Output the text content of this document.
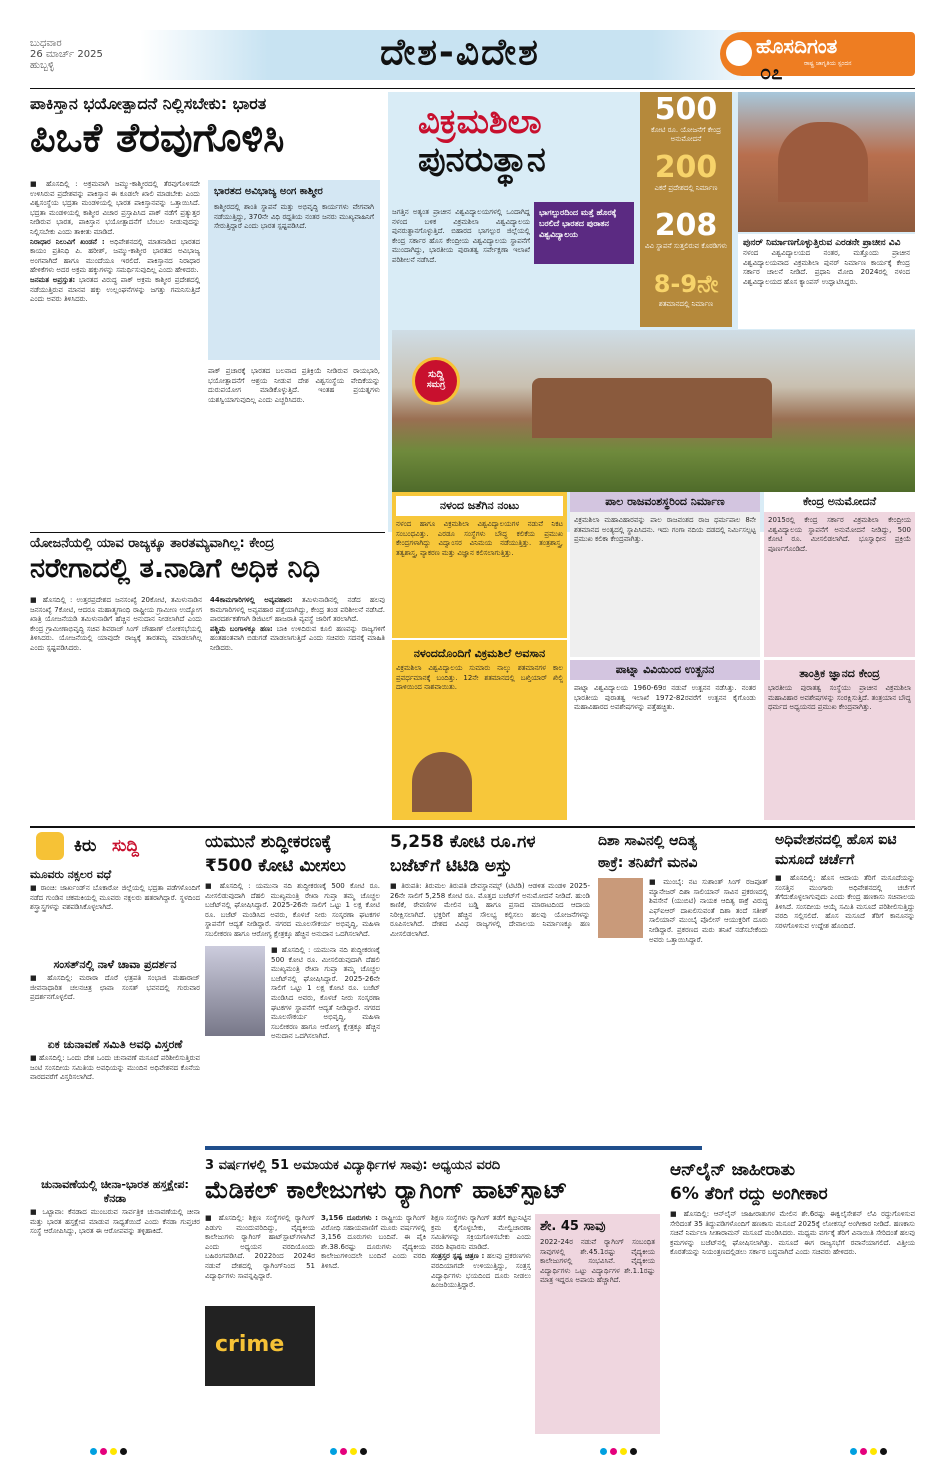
ಬುಧವಾರ
26 ಮಾರ್ಚ್ 2025
ಹುಬ್ಬಳ್ಳಿ	ದೇಶ-ವಿದೇಶ	ಹೊಸದಿಗಂತ
ರಾಷ್ಟ್ರ ಜಾಗೃತಿಯ ಸ್ಪಂದನ
೦೭
ಪಾಕಿಸ್ತಾನ ಭಯೋತ್ಪಾದನೆ ನಿಲ್ಲಿಸಬೇಕು: ಭಾರತ
ಪಿಒಕೆ ತೆರವುಗೊಳಿಸಿ
■ ಹೊಸದಿಲ್ಲಿ : ಅಕ್ರಮವಾಗಿ ಜಮ್ಮು-ಕಾಶ್ಮೀರದಲ್ಲಿ ತೆರವುಗೊಳಿಸದೇ ಉಳಿಸಿರುವ ಪ್ರದೇಶವನ್ನು ಪಾಕಿಸ್ತಾನ ಈ ಕೂಡಲೇ ಖಾಲಿ ಮಾಡಬೇಕು ಎಂದು ವಿಶ್ವಸಂಸ್ಥೆಯ ಭದ್ರತಾ ಮಂಡಳಿಯಲ್ಲಿ ಭಾರತ ಪಾಕಿಸ್ತಾನವನ್ನು ಒತ್ತಾಯಿಸಿದೆ. ಭದ್ರತಾ ಮಂಡಳಿಯಲ್ಲಿ ಕಾಶ್ಮೀರ ವಿಚಾರ ಪ್ರಸ್ತಾಪಿಸಿದ ಪಾಕ್ ನಡೆಗೆ ಪ್ರತ್ಯುತ್ತರ ನೀಡಿರುವ ಭಾರತ, ಪಾಕಿಸ್ತಾನ ಭಯೋತ್ಪಾದನೆಗೆ ಬೆಂಬಲ ನೀಡುವುದನ್ನು ನಿಲ್ಲಿಸಬೇಕು ಎಂದು ತಾಕೀತು ಮಾಡಿದೆ.
ನಿರಾಧಾರ ನಿಲುವಿಗೆ ಖಂಡನೆ : ಅಧಿವೇಶನದಲ್ಲಿ ಮಾತನಾಡಿದ ಭಾರತದ ಕಾಯಂ ಪ್ರತಿನಿಧಿ ಪಿ. ಹರೀಶ್, ಜಮ್ಮು-ಕಾಶ್ಮೀರ ಭಾರತದ ಅವಿಭಾಜ್ಯ ಅಂಗವಾಗಿದೆ ಹಾಗೂ ಮುಂದೆಯೂ ಇರಲಿದೆ. ಪಾಕಿಸ್ತಾನದ ನಿರಾಧಾರ ಹೇಳಿಕೆಗಳು ಅದರ ಅಕ್ರಮ ಹಕ್ಕುಗಳನ್ನು ಸಮರ್ಥಿಸುವುದಿಲ್ಲ ಎಂದು ಹೇಳಿದರು.
ಜನಮತ ಅಪ್ರಸ್ತುತ: ಭಾರತದ ವಿರುದ್ಧ ಪಾಕ್ ಅಕ್ರಮ ಕಾಶ್ಮೀರ ಪ್ರದೇಶದಲ್ಲಿ ನಡೆಯುತ್ತಿರುವ ಮಾನವ ಹಕ್ಕು ಉಲ್ಲಂಘನೆಗಳನ್ನು ಜಗತ್ತು ಗಮನಿಸುತ್ತಿದೆ ಎಂದು ಅವರು ತಿಳಿಸಿದರು.
ಭಾರತದ ಅವಿಭಾಜ್ಯ ಅಂಗ ಕಾಶ್ಮೀರ
ಕಾಶ್ಮೀರದಲ್ಲಿ ಶಾಂತಿ ಸ್ಥಾಪನೆ ಮತ್ತು ಅಭಿವೃದ್ಧಿ ಕಾರ್ಯಗಳು ವೇಗವಾಗಿ ನಡೆಯುತ್ತಿದ್ದು, 370ನೇ ವಿಧಿ ರದ್ದತಿಯ ನಂತರ ಜನರು ಮುಖ್ಯವಾಹಿನಿಗೆ ಸೇರುತ್ತಿದ್ದಾರೆ ಎಂದು ಭಾರತ ಸ್ಪಷ್ಟಪಡಿಸಿದೆ.
ಪಾಕ್ ಪ್ರಚಾರಕ್ಕೆ ಭಾರತದ ಬಲವಾದ ಪ್ರತಿಕ್ರಿಯೆ ನೀಡಿರುವ ರಾಯಭಾರಿ, ಭಯೋತ್ಪಾದನೆಗೆ ಆಶ್ರಯ ನೀಡುವ ದೇಶ ವಿಶ್ವಸಂಸ್ಥೆಯ ವೇದಿಕೆಯನ್ನು ದುರುಪಯೋಗ ಮಾಡಿಕೊಳ್ಳುತ್ತಿದೆ. ಇಂತಹ ಪ್ರಯತ್ನಗಳು ಯಶಸ್ವಿಯಾಗುವುದಿಲ್ಲ ಎಂದು ಎಚ್ಚರಿಸಿದರು.
ವಿಕ್ರಮಶಿಲಾ
ಪುನರುತ್ಥಾನ
ಭಾಗಲ್ಪುರದಿಂದ ಮತ್ತೆ ಹೊರಕ್ಕೆ ಬರಲಿದೆ ಭಾರತದ ಪುರಾತನ ವಿಶ್ವವಿದ್ಯಾಲಯ
ಜಗತ್ತಿನ ಅತ್ಯಂತ ಪ್ರಾಚೀನ ವಿಶ್ವವಿದ್ಯಾಲಯಗಳಲ್ಲಿ ಒಂದಾಗಿದ್ದ ನಳಂದ ಬಳಿಕ ವಿಕ್ರಮಶಿಲಾ ವಿಶ್ವವಿದ್ಯಾಲಯ ಪುನರುತ್ಥಾನಗೊಳ್ಳುತ್ತಿದೆ. ಬಿಹಾರದ ಭಾಗಲ್ಪುರ ಜಿಲ್ಲೆಯಲ್ಲಿ ಕೇಂದ್ರ ಸರ್ಕಾರ ಹೊಸ ಕೇಂದ್ರೀಯ ವಿಶ್ವವಿದ್ಯಾಲಯ ಸ್ಥಾಪನೆಗೆ ಮುಂದಾಗಿದ್ದು, ಭಾರತೀಯ ಪುರಾತತ್ವ ಸರ್ವೇಕ್ಷಣಾ ಇಲಾಖೆ ಪರಿಶೀಲನೆ ನಡೆಸಿದೆ.
500
ಕೋಟಿ ರೂ. ಯೋಜನೆಗೆ ಕೇಂದ್ರ ಅನುಮೋದನೆ
200
ಎಕರೆ ಪ್ರದೇಶದಲ್ಲಿ ನಿರ್ಮಾಣ
208
ವಿವಿ ಸ್ಥಾಪನೆ ಸುತ್ತಲಿರುವ ಕೊಠಡಿಗಳು
8-9ನೇ
ಶತಮಾನದಲ್ಲಿ ನಿರ್ಮಾಣ
ಪುನರ್ ನಿರ್ಮಾಣಗೊಳ್ಳುತ್ತಿರುವ ಎರಡನೇ ಪ್ರಾಚೀನ ವಿವಿ
ನಳಂದ ವಿಶ್ವವಿದ್ಯಾಲಯದ ನಂತರ, ಮತ್ತೊಂದು ಪ್ರಾಚೀನ ವಿಶ್ವವಿದ್ಯಾಲಯವಾದ ವಿಕ್ರಮಶಿಲಾ ಪುನರ್ ನಿರ್ಮಾಣ ಕಾರ್ಯಕ್ಕೆ ಕೇಂದ್ರ ಸರ್ಕಾರ ಚಾಲನೆ ನೀಡಿದೆ. ಪ್ರಧಾನಿ ಮೋದಿ 2024ರಲ್ಲಿ ನಳಂದ ವಿಶ್ವವಿದ್ಯಾಲಯದ ಹೊಸ ಕ್ಯಾಂಪಸ್ ಉದ್ಘಾಟಿಸಿದ್ದರು.
ಸುದ್ದಿ
ಸಮಗ್ರ
ನಳಂದ ಜತೆಗಿನ ನಂಟು
ನಳಂದ ಹಾಗೂ ವಿಕ್ರಮಶಿಲಾ ವಿಶ್ವವಿದ್ಯಾಲಯಗಳ ನಡುವೆ ನಿಕಟ ಸಂಬಂಧವಿತ್ತು. ಎರಡೂ ಸಂಸ್ಥೆಗಳು ಬೌದ್ಧ ಕಲಿಕೆಯ ಪ್ರಮುಖ ಕೇಂದ್ರಗಳಾಗಿದ್ದು ವಿದ್ವಾಂಸರ ವಿನಿಮಯ ನಡೆಯುತ್ತಿತ್ತು. ತಂತ್ರಶಾಸ್ತ್ರ, ತತ್ವಶಾಸ್ತ್ರ, ವ್ಯಾಕರಣ ಮತ್ತು ವಿಜ್ಞಾನ ಕಲಿಸಲಾಗುತ್ತಿತ್ತು.
ನಳಂದದೊಂದಿಗೆ ವಿಕ್ರಮಶಿಲೆ ಅವಸಾನ
ವಿಕ್ರಮಶಿಲಾ ವಿಶ್ವವಿದ್ಯಾಲಯ ಸುಮಾರು ನಾಲ್ಕು ಶತಮಾನಗಳ ಕಾಲ ಪ್ರವರ್ಧಮಾನಕ್ಕೆ ಬಂದಿತ್ತು. 12ನೇ ಶತಮಾನದಲ್ಲಿ ಬಖ್ತಿಯಾರ್ ಖಿಲ್ಜಿ ದಾಳಿಯಿಂದ ನಾಶವಾಯಿತು.
ಪಾಲ ರಾಜವಂಶಸ್ಥರಿಂದ ನಿರ್ಮಾಣ
ವಿಕ್ರಮಶಿಲಾ ಮಹಾವಿಹಾರವನ್ನು ಪಾಲ ರಾಜವಂಶದ ರಾಜ ಧರ್ಮಪಾಲ 8ನೇ ಶತಮಾನದ ಅಂತ್ಯದಲ್ಲಿ ಸ್ಥಾಪಿಸಿದನು. ಇದು ಗಂಗಾ ನದಿಯ ದಡದಲ್ಲಿ ನಿರ್ಮಿಸಲ್ಪಟ್ಟ ಪ್ರಮುಖ ಕಲಿಕಾ ಕೇಂದ್ರವಾಗಿತ್ತು.
ಪಾಟ್ನಾ ವಿವಿಯಿಂದ ಉತ್ಖನನ
ಪಾಟ್ನಾ ವಿಶ್ವವಿದ್ಯಾಲಯ 1960-69ರ ನಡುವೆ ಉತ್ಖನನ ನಡೆಸಿತ್ತು. ನಂತರ ಭಾರತೀಯ ಪುರಾತತ್ವ ಇಲಾಖೆ 1972-82ರವರೆಗೆ ಉತ್ಖನನ ಕೈಗೊಂಡು ಮಹಾವಿಹಾರದ ಅವಶೇಷಗಳನ್ನು ಪತ್ತೆಹಚ್ಚಿತು.
ಕೇಂದ್ರ ಅನುಮೋದನೆ
2015ರಲ್ಲಿ ಕೇಂದ್ರ ಸರ್ಕಾರ ವಿಕ್ರಮಶಿಲಾ ಕೇಂದ್ರೀಯ ವಿಶ್ವವಿದ್ಯಾಲಯ ಸ್ಥಾಪನೆಗೆ ಅನುಮೋದನೆ ನೀಡಿದ್ದು, 500 ಕೋಟಿ ರೂ. ಮೀಸಲಿಡಲಾಗಿದೆ. ಭೂಸ್ವಾಧೀನ ಪ್ರಕ್ರಿಯೆ ಪೂರ್ಣಗೊಂಡಿದೆ.
ತಾಂತ್ರಿಕ ಜ್ಞಾನದ ಕೇಂದ್ರ
ಭಾರತೀಯ ಪುರಾತತ್ವ ಸಂಸ್ಥೆಯು ಪ್ರಾಚೀನ ವಿಕ್ರಮಶಿಲಾ ಮಹಾವಿಹಾರ ಅವಶೇಷಗಳನ್ನು ಸಂರಕ್ಷಿಸುತ್ತಿದೆ. ತಂತ್ರಯಾನ ಬೌದ್ಧ ಧರ್ಮದ ಅಧ್ಯಯನದ ಪ್ರಮುಖ ಕೇಂದ್ರವಾಗಿತ್ತು.
ಯೋಜನೆಯಲ್ಲಿ ಯಾವ ರಾಜ್ಯಕ್ಕೂ ತಾರತಮ್ಯವಾಗಿಲ್ಲ: ಕೇಂದ್ರ
ನರೇಗಾದಲ್ಲಿ ತ.ನಾಡಿಗೆ ಅಧಿಕ ನಿಧಿ
■ ಹೊಸದಿಲ್ಲಿ : ಉತ್ತರಪ್ರದೇಶದ ಜನಸಂಖ್ಯೆ 20ಕೋಟಿ, ತಮಿಳುನಾಡಿನ ಜನಸಂಖ್ಯೆ 7ಕೋಟಿ, ಆದರೂ ಮಹಾತ್ಮಗಾಂಧಿ ರಾಷ್ಟ್ರೀಯ ಗ್ರಾಮೀಣ ಉದ್ಯೋಗ ಖಾತ್ರಿ ಯೋಜನೆಯಡಿ ತಮಿಳುನಾಡಿಗೆ ಹೆಚ್ಚಿನ ಅನುದಾನ ನೀಡಲಾಗಿದೆ ಎಂದು ಕೇಂದ್ರ ಗ್ರಾಮೀಣಾಭಿವೃದ್ಧಿ ಸಚಿವ ಶಿವರಾಜ್ ಸಿಂಗ್ ಚೌಹಾಣ್ ಲೋಕಸಭೆಯಲ್ಲಿ ತಿಳಿಸಿದರು. ಯೋಜನೆಯಲ್ಲಿ ಯಾವುದೇ ರಾಜ್ಯಕ್ಕೆ ತಾರತಮ್ಯ ಮಾಡಲಾಗಿಲ್ಲ ಎಂದು ಸ್ಪಷ್ಟಪಡಿಸಿದರು.
44ಕಾಮಗಾರಿಗಳಲ್ಲಿ ಅವ್ಯವಹಾರ: ತಮಿಳುನಾಡಿನಲ್ಲಿ ನಡೆದ ಹಲವು ಕಾಮಗಾರಿಗಳಲ್ಲಿ ಅವ್ಯವಹಾರ ಪತ್ತೆಯಾಗಿದ್ದು, ಕೇಂದ್ರ ತಂಡ ಪರಿಶೀಲನೆ ನಡೆಸಿದೆ. ಪಾರದರ್ಶಕತೆಗಾಗಿ ಡಿಜಿಟಲ್ ಹಾಜರಾತಿ ವ್ಯವಸ್ಥೆ ಜಾರಿಗೆ ತರಲಾಗಿದೆ.
ಪಶ್ಚಿಮ ಬಂಗಾಳಕ್ಕೂ ಹಣ: ಬಾಕಿ ಉಳಿದಿರುವ ಕೂಲಿ ಹಣವನ್ನು ರಾಜ್ಯಗಳಿಗೆ ಹಂತಹಂತವಾಗಿ ಬಿಡುಗಡೆ ಮಾಡಲಾಗುತ್ತಿದೆ ಎಂದು ಸಚಿವರು ಸದನಕ್ಕೆ ಮಾಹಿತಿ ನೀಡಿದರು.
ಕಿರು ಸುದ್ದಿ
ಮೂವರು ನಕ್ಸಲರ ವಧೆ
■ ರಾಂಚಿ: ಜಾರ್ಖಂಡ್‌ನ ಬೊಕಾರೋ ಜಿಲ್ಲೆಯಲ್ಲಿ ಭದ್ರತಾ ಪಡೆಗಳೊಂದಿಗೆ ನಡೆದ ಗುಂಡಿನ ಚಕಮಕಿಯಲ್ಲಿ ಮೂವರು ನಕ್ಸಲರು ಹತರಾಗಿದ್ದಾರೆ. ಸ್ಥಳದಿಂದ ಶಸ್ತ್ರಾಸ್ತ್ರಗಳನ್ನು ವಶಪಡಿಸಿಕೊಳ್ಳಲಾಗಿದೆ.
ಸಂಸತ್‌ನಲ್ಲಿ ನಾಳೆ ಚಾವಾ ಪ್ರದರ್ಶನ
■ ಹೊಸದಿಲ್ಲಿ: ಮರಾಠಾ ದೊರೆ ಛತ್ರಪತಿ ಸಂಭಾಜಿ ಮಹಾರಾಜ್ ಜೀವನಾಧಾರಿತ ಚಲನಚಿತ್ರ ಛಾವಾ ಸಂಸತ್ ಭವನದಲ್ಲಿ ಗುರುವಾರ ಪ್ರದರ್ಶನಗೊಳ್ಳಲಿದೆ.
ಏಕ ಚುನಾವಣೆ ಸಮಿತಿ ಅವಧಿ ವಿಸ್ತರಣೆ
■ ಹೊಸದಿಲ್ಲಿ: ಒಂದು ದೇಶ ಒಂದು ಚುನಾವಣೆ ಮಸೂದೆ ಪರಿಶೀಲಿಸುತ್ತಿರುವ ಜಂಟಿ ಸಂಸದೀಯ ಸಮಿತಿಯ ಅವಧಿಯನ್ನು ಮುಂದಿನ ಅಧಿವೇಶನದ ಕೊನೆಯ ವಾರದವರೆಗೆ ವಿಸ್ತರಿಸಲಾಗಿದೆ.
ಚುನಾವಣೆಯಲ್ಲಿ ಚೀನಾ-ಭಾರತ ಹಸ್ತಕ್ಷೇಪ: ಕೆನಡಾ
■ ಒಟ್ಟಾವಾ: ಕೆನಡಾದ ಮುಂಬರುವ ಸಾರ್ವತ್ರಿಕ ಚುನಾವಣೆಯಲ್ಲಿ ಚೀನಾ ಮತ್ತು ಭಾರತ ಹಸ್ತಕ್ಷೇಪ ಮಾಡುವ ಸಾಧ್ಯತೆಯಿದೆ ಎಂದು ಕೆನಡಾ ಗುಪ್ತಚರ ಸಂಸ್ಥೆ ಆರೋಪಿಸಿದ್ದು, ಭಾರತ ಈ ಆರೋಪವನ್ನು ತಳ್ಳಿಹಾಕಿದೆ.
ಯಮುನೆ ಶುದ್ಧೀಕರಣಕ್ಕೆ
₹500 ಕೋಟಿ ಮೀಸಲು
■ ಹೊಸದಿಲ್ಲಿ : ಯಮುನಾ ನದಿ ಶುದ್ಧೀಕರಣಕ್ಕೆ 500 ಕೋಟಿ ರೂ. ಮೀಸಲಿಡುವುದಾಗಿ ದೆಹಲಿ ಮುಖ್ಯಮಂತ್ರಿ ರೇಖಾ ಗುಪ್ತಾ ತಮ್ಮ ಚೊಚ್ಚಲ ಬಜೆಟ್‌ನಲ್ಲಿ ಘೋಷಿಸಿದ್ದಾರೆ. 2025-26ನೇ ಸಾಲಿಗೆ ಒಟ್ಟು 1 ಲಕ್ಷ ಕೋಟಿ ರೂ. ಬಜೆಟ್ ಮಂಡಿಸಿದ ಅವರು, ಕೊಳಚೆ ನೀರು ಸಂಸ್ಕರಣಾ ಘಟಕಗಳ ಸ್ಥಾಪನೆಗೆ ಆದ್ಯತೆ ನೀಡಿದ್ದಾರೆ. ನಗರದ ಮೂಲಸೌಕರ್ಯ ಅಭಿವೃದ್ಧಿ, ಮಹಿಳಾ ಸಬಲೀಕರಣ ಹಾಗೂ ಆರೋಗ್ಯ ಕ್ಷೇತ್ರಕ್ಕೂ ಹೆಚ್ಚಿನ ಅನುದಾನ ಒದಗಿಸಲಾಗಿದೆ.
■ ಹೊಸದಿಲ್ಲಿ : ಯಮುನಾ ನದಿ ಶುದ್ಧೀಕರಣಕ್ಕೆ 500 ಕೋಟಿ ರೂ. ಮೀಸಲಿಡುವುದಾಗಿ ದೆಹಲಿ ಮುಖ್ಯಮಂತ್ರಿ ರೇಖಾ ಗುಪ್ತಾ ತಮ್ಮ ಚೊಚ್ಚಲ ಬಜೆಟ್‌ನಲ್ಲಿ ಘೋಷಿಸಿದ್ದಾರೆ. 2025-26ನೇ ಸಾಲಿಗೆ ಒಟ್ಟು 1 ಲಕ್ಷ ಕೋಟಿ ರೂ. ಬಜೆಟ್ ಮಂಡಿಸಿದ ಅವರು, ಕೊಳಚೆ ನೀರು ಸಂಸ್ಕರಣಾ ಘಟಕಗಳ ಸ್ಥಾಪನೆಗೆ ಆದ್ಯತೆ ನೀಡಿದ್ದಾರೆ. ನಗರದ ಮೂಲಸೌಕರ್ಯ ಅಭಿವೃದ್ಧಿ, ಮಹಿಳಾ ಸಬಲೀಕರಣ ಹಾಗೂ ಆರೋಗ್ಯ ಕ್ಷೇತ್ರಕ್ಕೂ ಹೆಚ್ಚಿನ ಅನುದಾನ ಒದಗಿಸಲಾಗಿದೆ.
5,258 ಕೋಟಿ ರೂ.ಗಳ
ಬಜೆಟ್‌ಗೆ ಟಿಟಿಡಿ ಅಸ್ತು
■ ತಿರುಪತಿ: ತಿರುಮಲ ತಿರುಪತಿ ದೇವಸ್ಥಾನಮ್ಸ್ (ಟಿಟಿಡಿ) ಆಡಳಿತ ಮಂಡಳಿ 2025-26ನೇ ಸಾಲಿಗೆ 5,258 ಕೋಟಿ ರೂ. ಮೊತ್ತದ ಬಜೆಟ್‌ಗೆ ಅನುಮೋದನೆ ನೀಡಿದೆ. ಹುಂಡಿ ಕಾಣಿಕೆ, ಠೇವಣಿಗಳ ಮೇಲಿನ ಬಡ್ಡಿ ಹಾಗೂ ಪ್ರಸಾದ ಮಾರಾಟದಿಂದ ಆದಾಯ ನಿರೀಕ್ಷಿಸಲಾಗಿದೆ. ಭಕ್ತರಿಗೆ ಹೆಚ್ಚಿನ ಸೌಲಭ್ಯ ಕಲ್ಪಿಸಲು ಹಲವು ಯೋಜನೆಗಳನ್ನು ರೂಪಿಸಲಾಗಿದೆ. ದೇಶದ ವಿವಿಧ ರಾಜ್ಯಗಳಲ್ಲಿ ದೇವಾಲಯ ನಿರ್ಮಾಣಕ್ಕೂ ಹಣ ಮೀಸಲಿಡಲಾಗಿದೆ.
ದಿಶಾ ಸಾವಿನಲ್ಲಿ ಆದಿತ್ಯ
ಠಾಕ್ರೆ: ತನಿಖೆಗೆ ಮನವಿ
■ ಮುಂಬೈ: ನಟ ಸುಶಾಂತ್ ಸಿಂಗ್ ರಜಪೂತ್ ಮ್ಯಾನೇಜರ್ ದಿಶಾ ಸಾಲಿಯಾನ್ ಸಾವಿನ ಪ್ರಕರಣದಲ್ಲಿ ಶಿವಸೇನೆ (ಯುಬಿಟಿ) ನಾಯಕ ಆದಿತ್ಯ ಠಾಕ್ರೆ ವಿರುದ್ಧ ಎಫ್‌ಐಆರ್ ದಾಖಲಿಸುವಂತೆ ದಿಶಾ ತಂದೆ ಸತೀಶ್ ಸಾಲಿಯಾನ್ ಮುಂಬೈ ಪೊಲೀಸ್ ಆಯುಕ್ತರಿಗೆ ದೂರು ನೀಡಿದ್ದಾರೆ. ಪ್ರಕರಣದ ಮರು ತನಿಖೆ ನಡೆಸಬೇಕೆಂದು ಅವರು ಒತ್ತಾಯಿಸಿದ್ದಾರೆ.
ಅಧಿವೇಶನದಲ್ಲಿ ಹೊಸ ಐಟಿ ಮಸೂದೆ ಚರ್ಚೆಗೆ
■ ಹೊಸದಿಲ್ಲಿ: ಹೊಸ ಆದಾಯ ತೆರಿಗೆ ಮಸೂದೆಯನ್ನು ಸಂಸತ್ತಿನ ಮುಂಗಾರು ಅಧಿವೇಶನದಲ್ಲಿ ಚರ್ಚೆಗೆ ತೆಗೆದುಕೊಳ್ಳಲಾಗುವುದು ಎಂದು ಕೇಂದ್ರ ಹಣಕಾಸು ಸಚಿವಾಲಯ ತಿಳಿಸಿದೆ. ಸಂಸದೀಯ ಆಯ್ಕೆ ಸಮಿತಿ ಮಸೂದೆ ಪರಿಶೀಲಿಸುತ್ತಿದ್ದು ವರದಿ ಸಲ್ಲಿಸಲಿದೆ. ಹೊಸ ಮಸೂದೆ ತೆರಿಗೆ ಕಾನೂನನ್ನು ಸರಳಗೊಳಿಸುವ ಉದ್ದೇಶ ಹೊಂದಿದೆ.
3 ವರ್ಷಗಳಲ್ಲಿ 51 ಅಮಾಯಕ ವಿದ್ಯಾರ್ಥಿಗಳ ಸಾವು: ಅಧ್ಯಯನ ವರದಿ
ಮೆಡಿಕಲ್ ಕಾಲೇಜುಗಳು ರ‍್ಯಾಗಿಂಗ್ ಹಾಟ್‌ಸ್ಪಾಟ್
■ ಹೊಸದಿಲ್ಲಿ: ಶಿಕ್ಷಣ ಸಂಸ್ಥೆಗಳಲ್ಲಿ ರ‍್ಯಾಗಿಂಗ್ ಪಿಡುಗು ಮುಂದುವರಿದಿದ್ದು, ವೈದ್ಯಕೀಯ ಕಾಲೇಜುಗಳು ರ‍್ಯಾಗಿಂಗ್ ಹಾಟ್‌ಸ್ಪಾಟ್‌ಗಳಾಗಿವೆ ಎಂದು ಅಧ್ಯಯನ ವರದಿಯೊಂದು ಬಹಿರಂಗಪಡಿಸಿದೆ. 2022ರಿಂದ 2024ರ ನಡುವೆ ದೇಶದಲ್ಲಿ ರ‍್ಯಾಗಿಂಗ್‌ನಿಂದ 51 ವಿದ್ಯಾರ್ಥಿಗಳು ಸಾವನ್ನಪ್ಪಿದ್ದಾರೆ.
crime
3,156 ದೂರುಗಳು : ರಾಷ್ಟ್ರೀಯ ರ‍್ಯಾಗಿಂಗ್ ವಿರೋಧಿ ಸಹಾಯವಾಣಿಗೆ ಮೂರು ವರ್ಷಗಳಲ್ಲಿ 3,156 ದೂರುಗಳು ಬಂದಿವೆ. ಈ ಪೈಕಿ ಶೇ.38.6ರಷ್ಟು ದೂರುಗಳು ವೈದ್ಯಕೀಯ ಕಾಲೇಜುಗಳಿಂದಲೇ ಬಂದಿವೆ ಎಂದು ವರದಿ ತಿಳಿಸಿದೆ.
ಶಿಕ್ಷಣ ಸಂಸ್ಥೆಗಳು ರ‍್ಯಾಗಿಂಗ್ ತಡೆಗೆ ಕಟ್ಟುನಿಟ್ಟಿನ ಕ್ರಮ ಕೈಗೊಳ್ಳಬೇಕು, ಮೇಲ್ವಿಚಾರಣಾ ಸಮಿತಿಗಳನ್ನು ಸಕ್ರಿಯಗೊಳಿಸಬೇಕು ಎಂದು ವರದಿ ಶಿಫಾರಸು ಮಾಡಿದೆ.
ಸಂತ್ರಸ್ತರ ಸ್ಪಷ್ಟ ಚಿತ್ರಣ : ಹಲವು ಪ್ರಕರಣಗಳು ವರದಿಯಾಗದೇ ಉಳಿಯುತ್ತಿದ್ದು, ಸಂತ್ರಸ್ತ ವಿದ್ಯಾರ್ಥಿಗಳು ಭಯದಿಂದ ದೂರು ನೀಡಲು ಹಿಂಜರಿಯುತ್ತಿದ್ದಾರೆ.
ಶೇ. 45 ಸಾವು
2022-24ರ ನಡುವೆ ರ‍್ಯಾಗಿಂಗ್ ಸಂಬಂಧಿತ ಸಾವುಗಳಲ್ಲಿ ಶೇ.45.1ರಷ್ಟು ವೈದ್ಯಕೀಯ ಕಾಲೇಜುಗಳಲ್ಲಿ ಸಂಭವಿಸಿವೆ. ವೈದ್ಯಕೀಯ ವಿದ್ಯಾರ್ಥಿಗಳು ಒಟ್ಟು ವಿದ್ಯಾರ್ಥಿಗಳ ಶೇ.1.1ರಷ್ಟು ಮಾತ್ರ ಇದ್ದರೂ ಅಪಾಯ ಹೆಚ್ಚಾಗಿದೆ.
ಆನ್‌ಲೈನ್ ಜಾಹೀರಾತು
6% ತೆರಿಗೆ ರದ್ದು ಅಂಗೀಕಾರ
■ ಹೊಸದಿಲ್ಲಿ: ಆನ್‌ಲೈನ್ ಜಾಹೀರಾತುಗಳ ಮೇಲಿನ ಶೇ.6ರಷ್ಟು ಈಕ್ವಲೈಸೇಶನ್ ಲೆವಿ ರದ್ದುಗೊಳಿಸುವ ಸೇರಿದಂತೆ 35 ತಿದ್ದುಪಡಿಗಳೊಂದಿಗೆ ಹಣಕಾಸು ಮಸೂದೆ 2025ಕ್ಕೆ ಲೋಕಸಭೆ ಅಂಗೀಕಾರ ನೀಡಿದೆ. ಹಣಕಾಸು ಸಚಿವೆ ನಿರ್ಮಲಾ ಸೀತಾರಾಮನ್ ಮಸೂದೆ ಮಂಡಿಸಿದರು. ಮಧ್ಯಮ ವರ್ಗಕ್ಕೆ ತೆರಿಗೆ ವಿನಾಯಿತಿ ಸೇರಿದಂತೆ ಹಲವು ಕ್ರಮಗಳನ್ನು ಬಜೆಟ್‌ನಲ್ಲಿ ಘೋಷಿಸಲಾಗಿತ್ತು. ಮಸೂದೆ ಈಗ ರಾಜ್ಯಸಭೆಗೆ ರವಾನೆಯಾಗಲಿದೆ. ವಿತ್ತೀಯ ಕೊರತೆಯನ್ನು ನಿಯಂತ್ರಣದಲ್ಲಿಡಲು ಸರ್ಕಾರ ಬದ್ಧವಾಗಿದೆ ಎಂದು ಸಚಿವರು ಹೇಳಿದರು.
